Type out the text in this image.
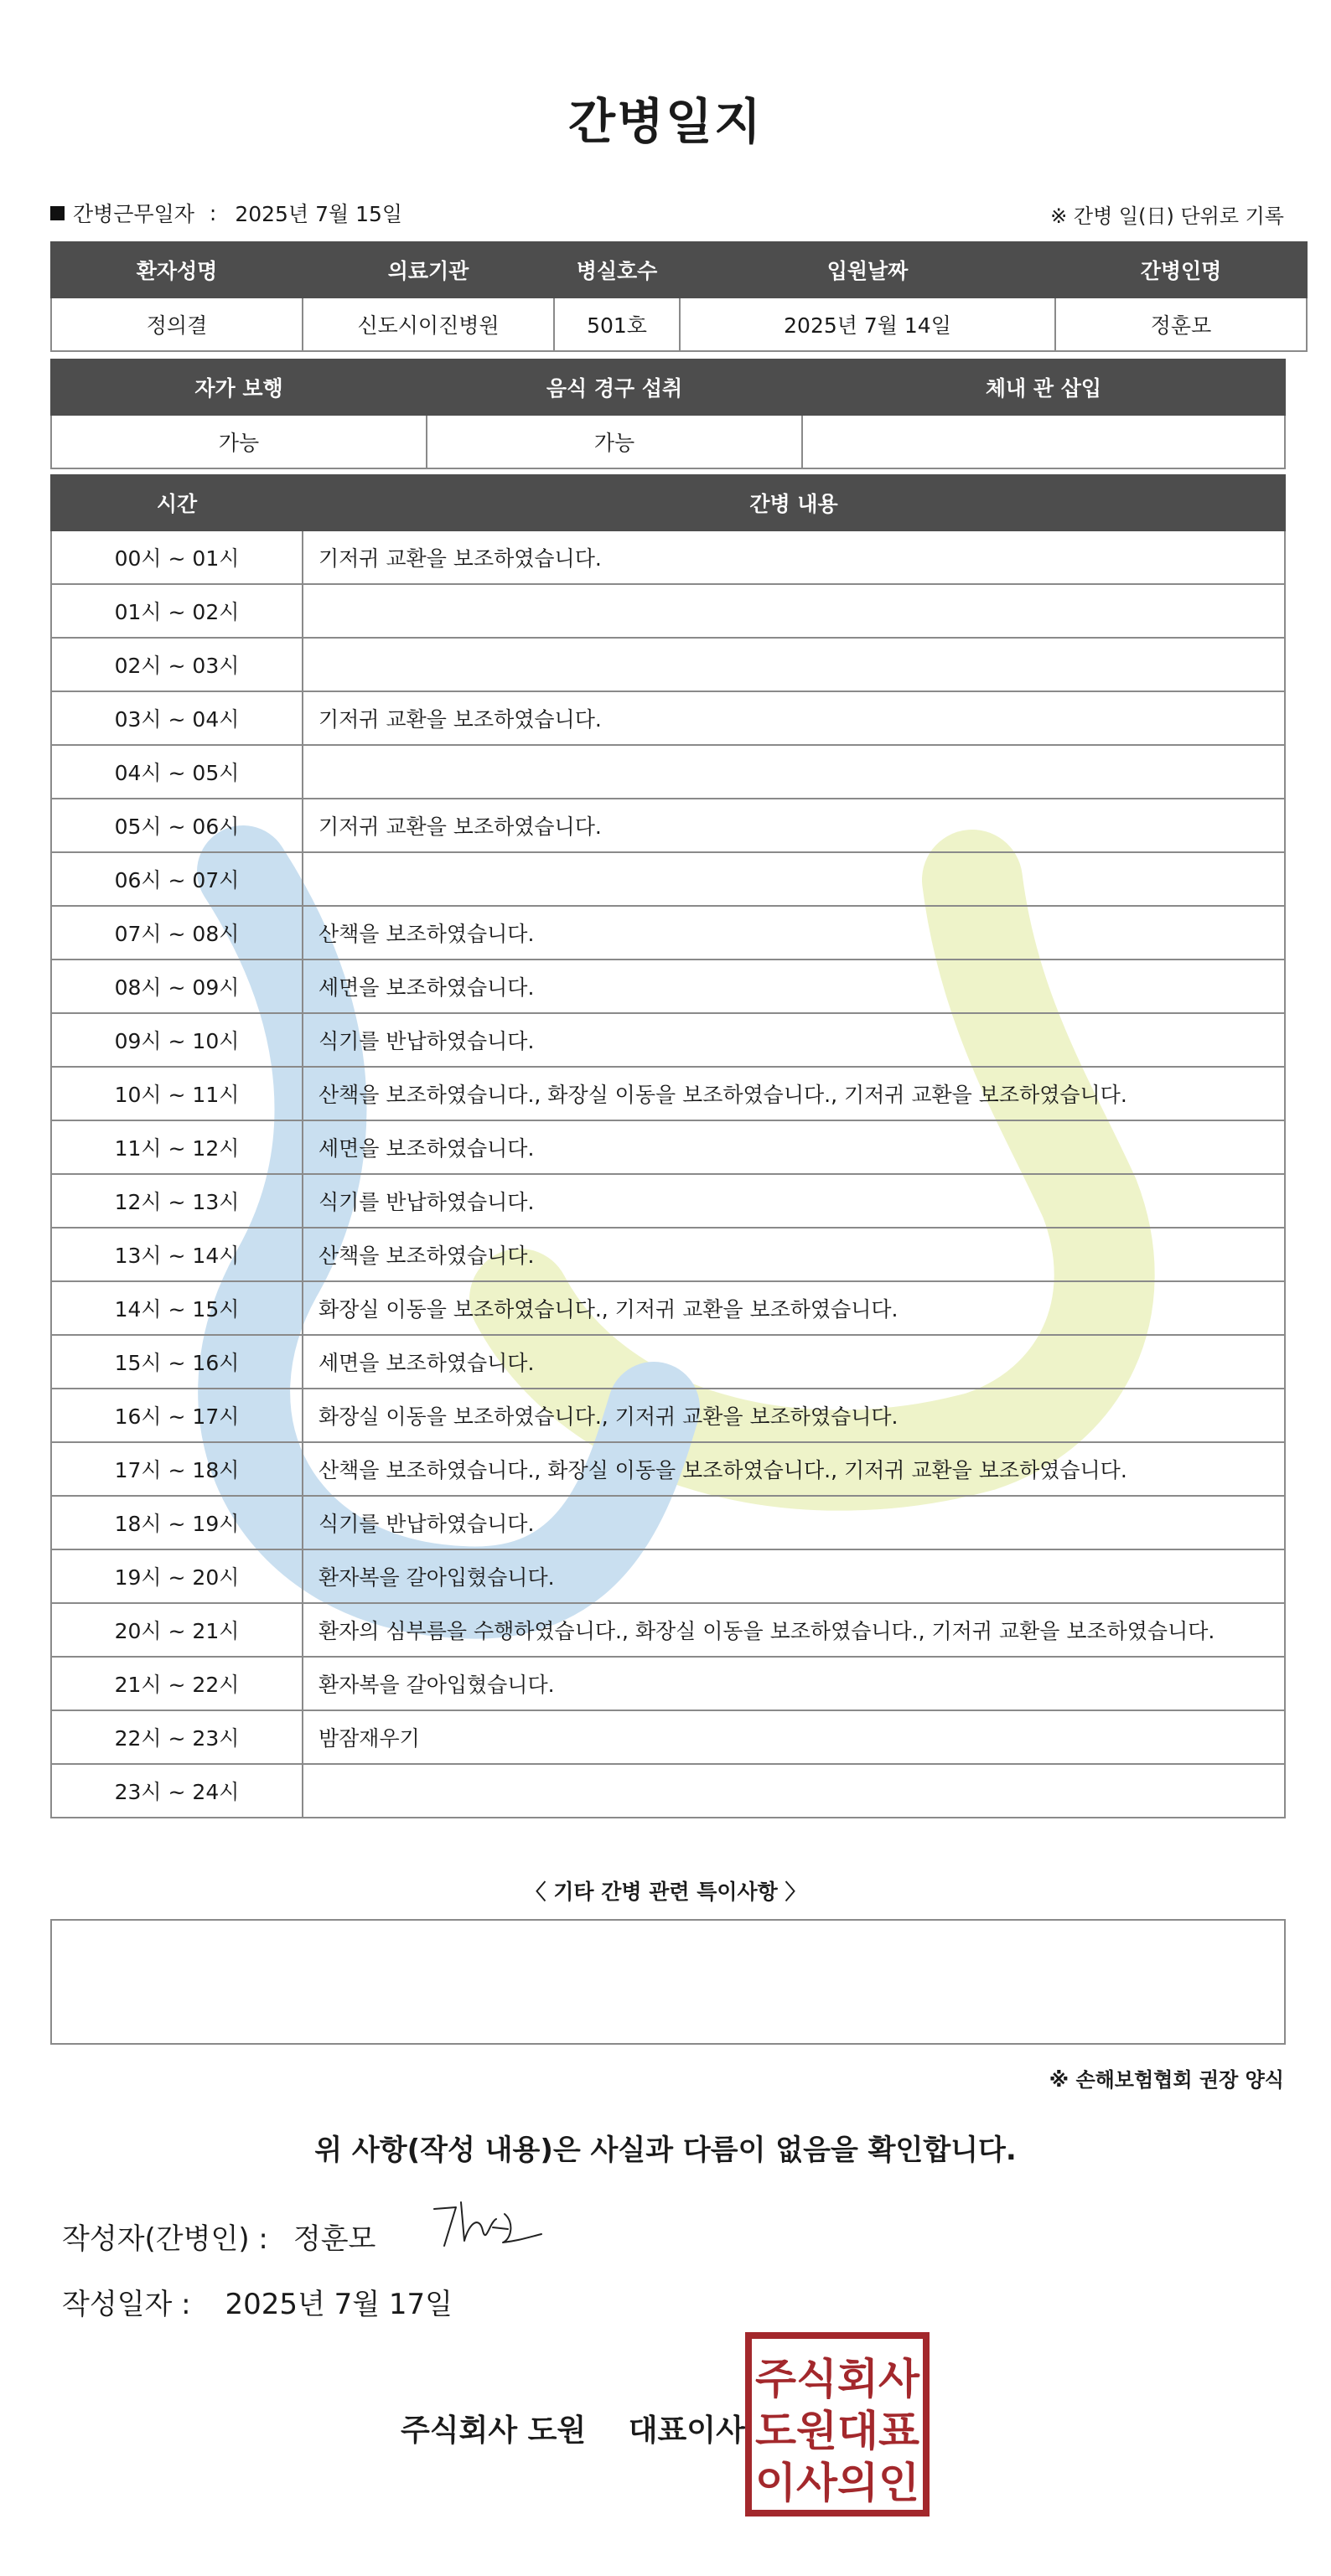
간병일지
간병근무일자 : 2025년 7월 15일	※ 간병 일(日) 단위로 기록
환자성명	의료기관	병실호수	입원날짜	간병인명
정의결	신도시이진병원	501호	2025년 7월 14일	정훈모
자가 보행	음식 경구 섭취	체내 관 삽입
가능	가능	
시간	간병 내용
00시 ~ 01시	기저귀 교환을 보조하였습니다.
01시 ~ 02시	
02시 ~ 03시	
03시 ~ 04시	기저귀 교환을 보조하였습니다.
04시 ~ 05시	
05시 ~ 06시	기저귀 교환을 보조하였습니다.
06시 ~ 07시	
07시 ~ 08시	산책을 보조하였습니다.
08시 ~ 09시	세면을 보조하였습니다.
09시 ~ 10시	식기를 반납하였습니다.
10시 ~ 11시	산책을 보조하였습니다., 화장실 이동을 보조하였습니다., 기저귀 교환을 보조하였습니다.
11시 ~ 12시	세면을 보조하였습니다.
12시 ~ 13시	식기를 반납하였습니다.
13시 ~ 14시	산책을 보조하였습니다.
14시 ~ 15시	화장실 이동을 보조하였습니다., 기저귀 교환을 보조하였습니다.
15시 ~ 16시	세면을 보조하였습니다.
16시 ~ 17시	화장실 이동을 보조하였습니다., 기저귀 교환을 보조하였습니다.
17시 ~ 18시	산책을 보조하였습니다., 화장실 이동을 보조하였습니다., 기저귀 교환을 보조하였습니다.
18시 ~ 19시	식기를 반납하였습니다.
19시 ~ 20시	환자복을 갈아입혔습니다.
20시 ~ 21시	환자의 심부름을 수행하였습니다., 화장실 이동을 보조하였습니다., 기저귀 교환을 보조하였습니다.
21시 ~ 22시	환자복을 갈아입혔습니다.
22시 ~ 23시	밤잠재우기
23시 ~ 24시	
〈 기타 간병 관련 특이사항 〉
※ 손해보험협회 권장 양식
위 사항(작성 내용)은 사실과 다름이 없음을 확인합니다.
작성자(간병인) : 정훈모
작성일자 : 2025년 7월 17일
주식회사 도원 대표이사
주식회사
도원대표
이사의인
